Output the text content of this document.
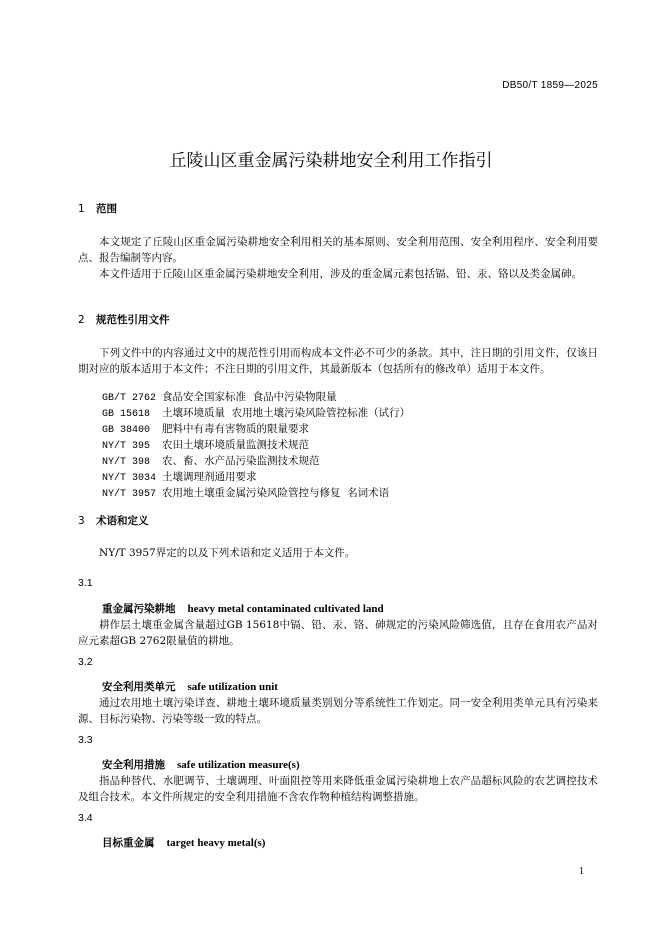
DB50/T 1859—2025
丘陵山区重金属污染耕地安全利用工作指引
1 范围
本文规定了丘陵山区重金属污染耕地安全利用相关的基本原则、安全利用范围、安全利用程序、安全利用要点、报告编制等内容。
本文件适用于丘陵山区重金属污染耕地安全利用，涉及的重金属元素包括镉、铅、汞、铬以及类金属砷。
2 规范性引用文件
下列文件中的内容通过文中的规范性引用而构成本文件必不可少的条款。其中，注日期的引用文件，仅该日期对应的版本适用于本文件；不注日期的引用文件，其最新版本（包括所有的修改单）适用于本文件。
GB/T 2762 食品安全国家标准  食品中污染物限量
GB 15618 土壤环境质量  农用地土壤污染风险管控标准（试行）
GB 38400 肥料中有毒有害物质的限量要求
NY/T 395 农田土壤环境质量监测技术规范
NY/T 398 农、畜、水产品污染监测技术规范
NY/T 3034 土壤调理剂通用要求
NY/T 3957 农用地土壤重金属污染风险管控与修复  名词术语
3 术语和定义
NY/T 3957界定的以及下列术语和定义适用于本文件。
3.1
重金属污染耕地 heavy metal contaminated cultivated land
耕作层土壤重金属含量超过GB 15618中镉、铅、汞、铬、砷规定的污染风险筛选值，且存在食用农产品对应元素超GB 2762限量值的耕地。
3.2
安全利用类单元 safe utilization unit
通过农用地土壤污染详查、耕地土壤环境质量类别划分等系统性工作划定。同一安全利用类单元具有污染来源、目标污染物、污染等级一致的特点。
3.3
安全利用措施 safe utilization measure(s)
指品种替代、水肥调节、土壤调理、叶面阻控等用来降低重金属污染耕地上农产品超标风险的农艺调控技术及组合技术。本文件所规定的安全利用措施不含农作物种植结构调整措施。
3.4
目标重金属 target heavy metal(s)
1
